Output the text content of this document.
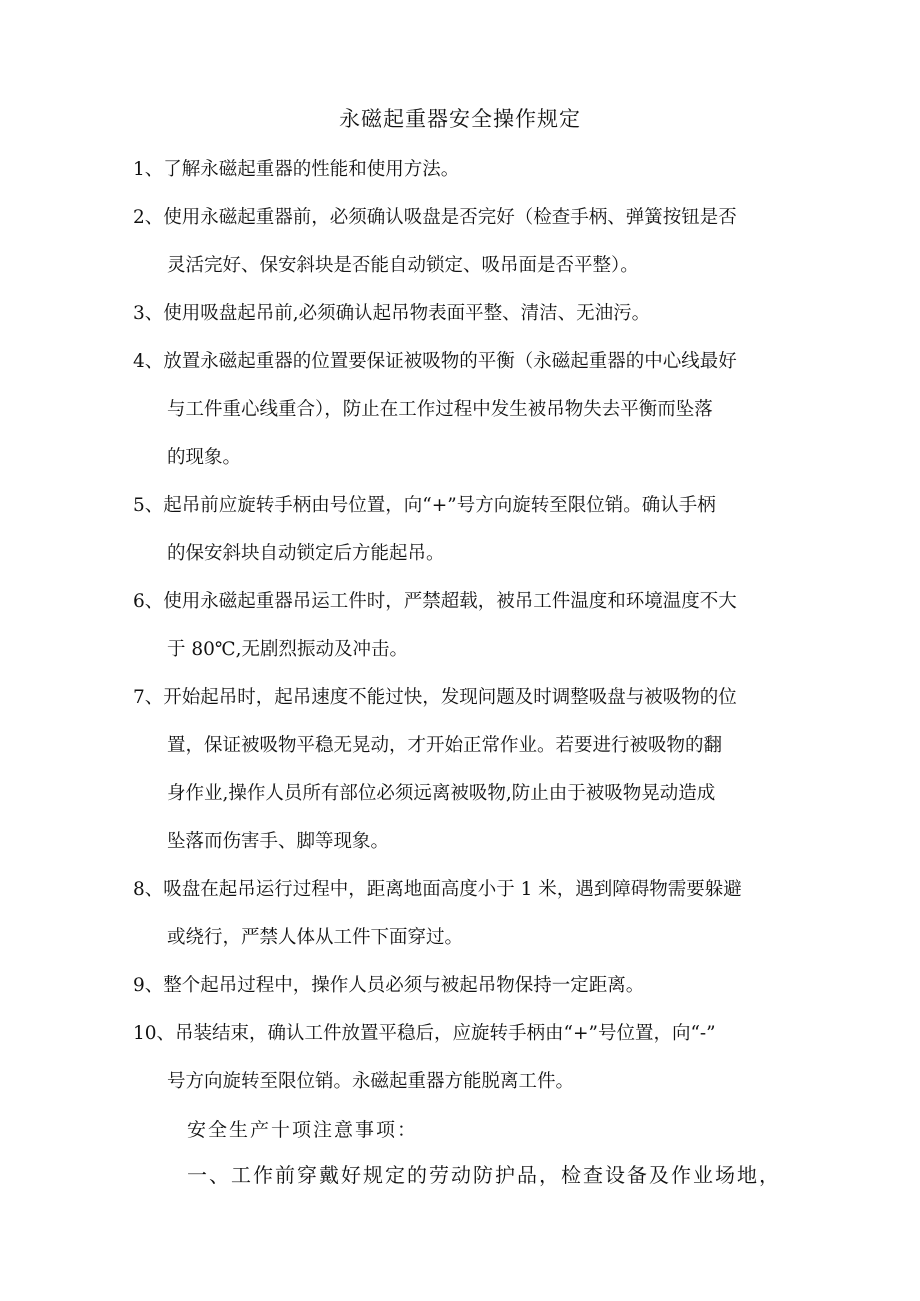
永磁起重器安全操作规定
1、了解永磁起重器的性能和使用方法。
2、使用永磁起重器前，必须确认吸盘是否完好（检查手柄、弹簧按钮是否
灵活完好、保安斜块是否能自动锁定、吸吊面是否平整）。
3、使用吸盘起吊前,必须确认起吊物表面平整、清洁、无油污。
4、放置永磁起重器的位置要保证被吸物的平衡（永磁起重器的中心线最好
与工件重心线重合），防止在工作过程中发生被吊物失去平衡而坠落
的现象。
5、起吊前应旋转手柄由号位置，向“+”号方向旋转至限位销。确认手柄
的保安斜块自动锁定后方能起吊。
6、使用永磁起重器吊运工件时，严禁超载，被吊工件温度和环境温度不大
于 80℃,无剧烈振动及冲击。
7、开始起吊时，起吊速度不能过快，发现问题及时调整吸盘与被吸物的位
置，保证被吸物平稳无晃动，才开始正常作业。若要进行被吸物的翻
身作业,操作人员所有部位必须远离被吸物,防止由于被吸物晃动造成
坠落而伤害手、脚等现象。
8、吸盘在起吊运行过程中，距离地面高度小于 1 米，遇到障碍物需要躲避
或绕行，严禁人体从工件下面穿过。
9、整个起吊过程中，操作人员必须与被起吊物保持一定距离。
10、吊装结束，确认工件放置平稳后，应旋转手柄由“+”号位置，向“-”
号方向旋转至限位销。永磁起重器方能脱离工件。
安全生产十项注意事项：
一、工作前穿戴好规定的劳动防护品，检查设备及作业场地，
